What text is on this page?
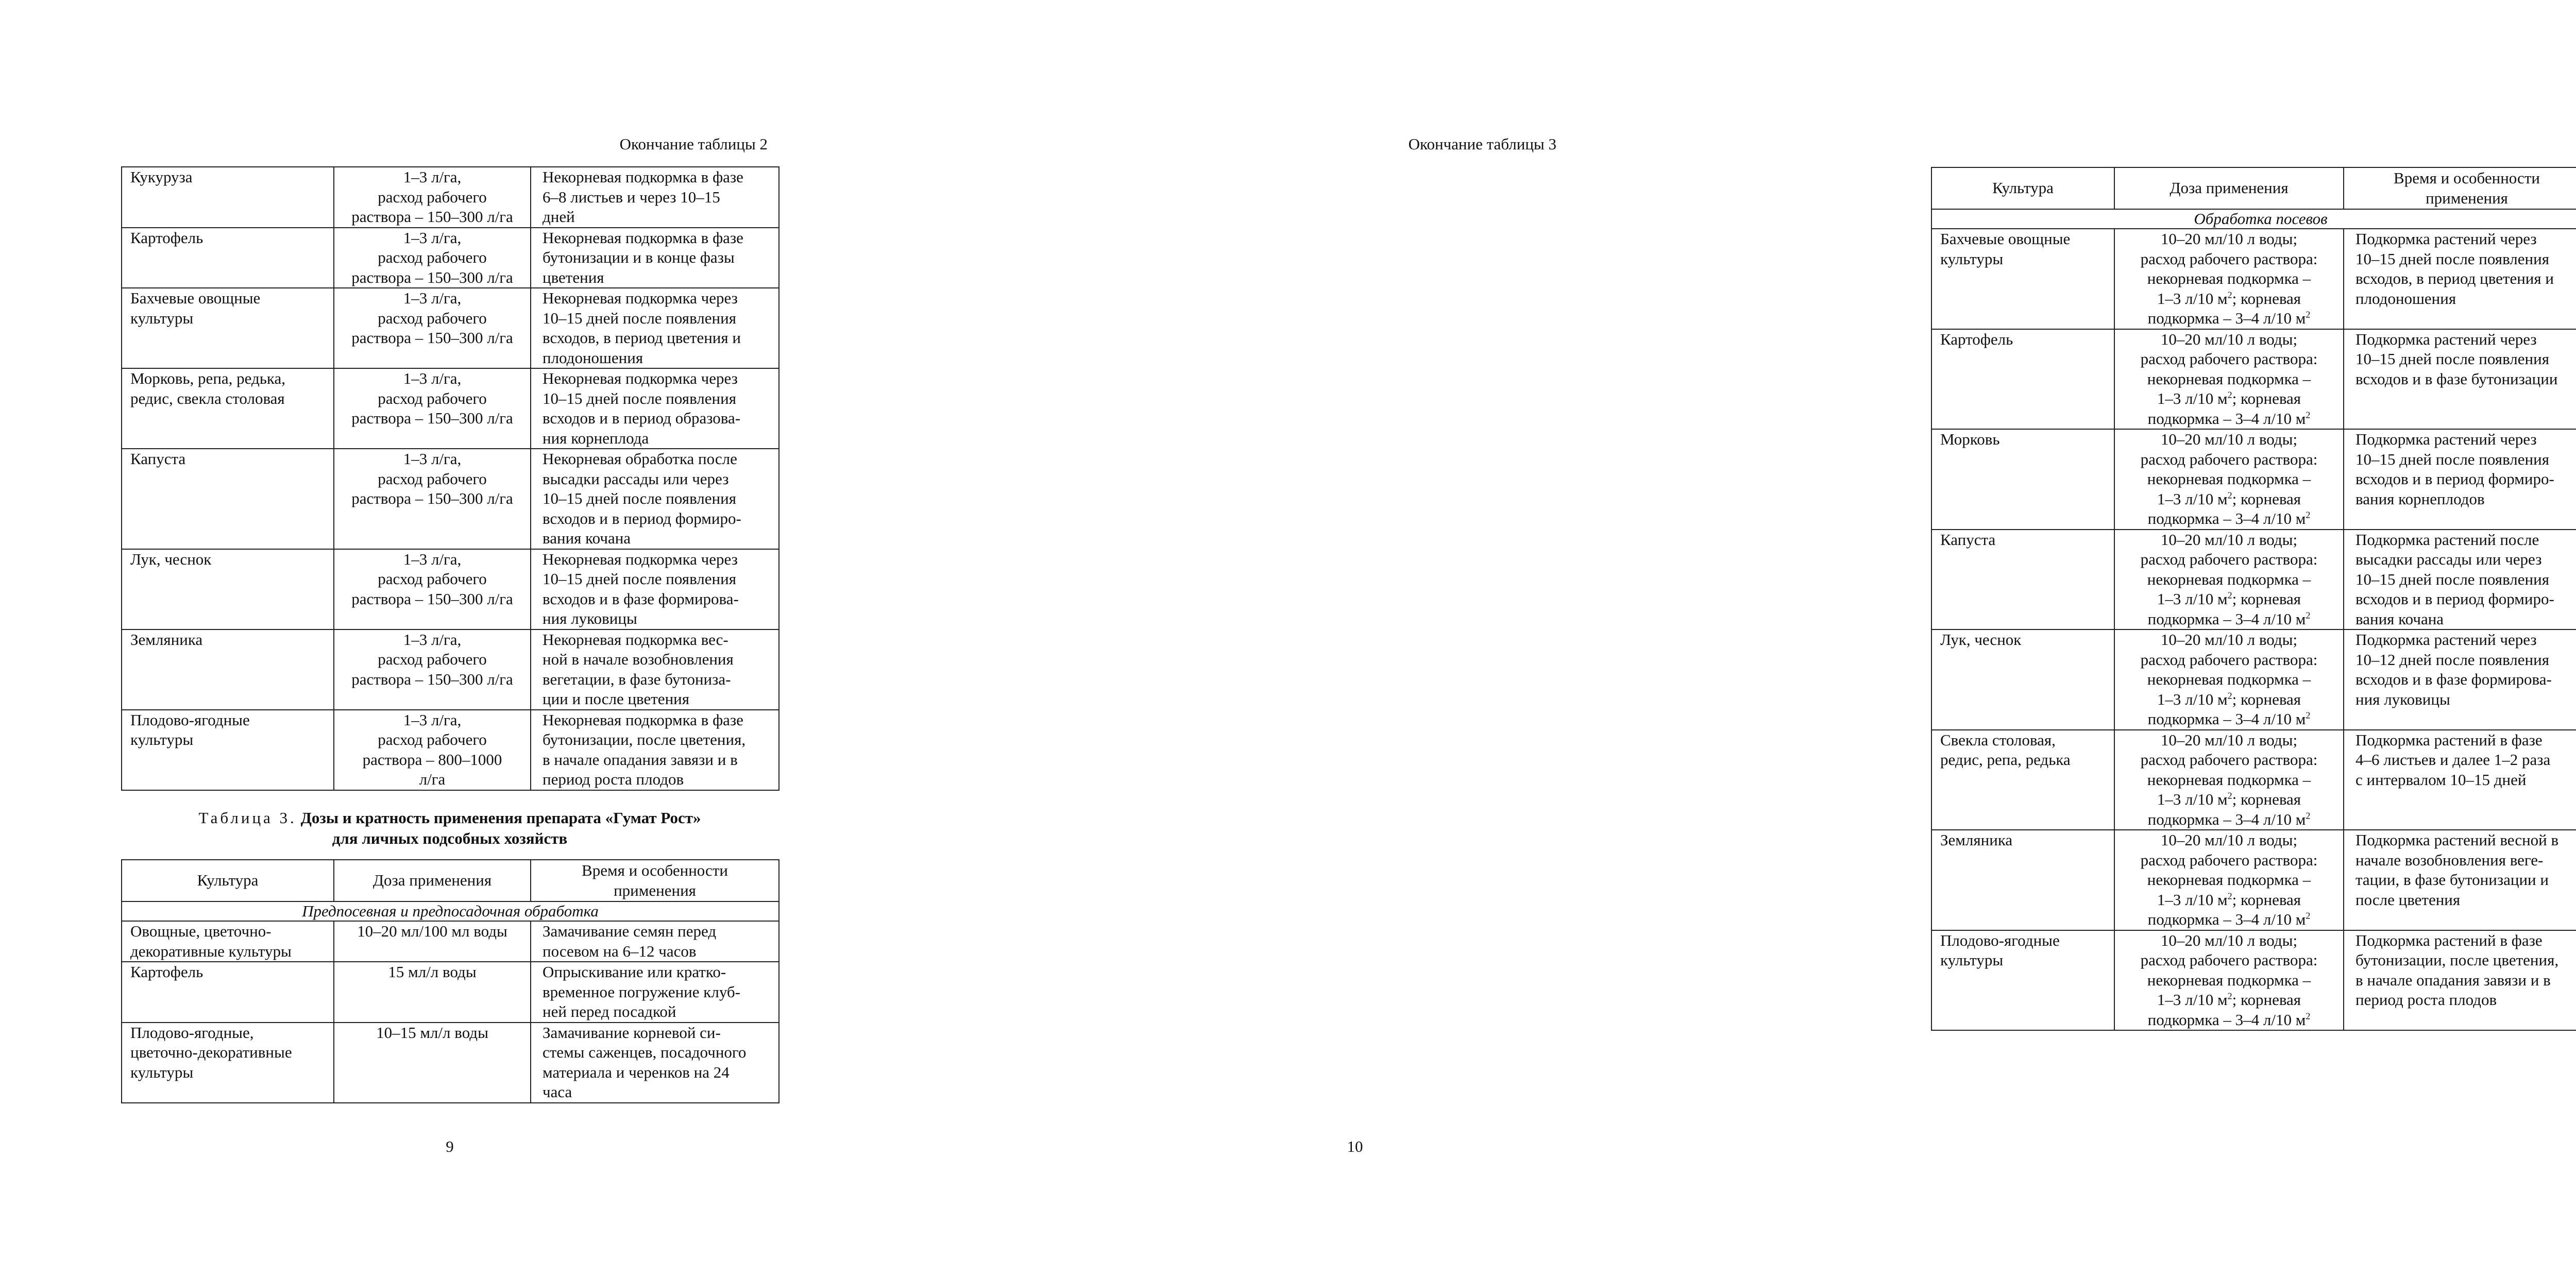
Окончание таблицы 2
Кукуруза	1–3 л/га,
расход рабочего
раствора – 150–300 л/га	Некорневая подкормка в фазе
6–8 листьев и через 10–15
дней
Картофель	1–3 л/га,
расход рабочего
раствора – 150–300 л/га	Некорневая подкормка в фазе
бутонизации и в конце фазы
цветения
Бахчевые овощные
культуры	1–3 л/га,
расход рабочего
раствора – 150–300 л/га	Некорневая подкормка через
10–15 дней после появления
всходов, в период цветения и
плодоношения
Морковь, репа, редька,
редис, свекла столовая	1–3 л/га,
расход рабочего
раствора – 150–300 л/га	Некорневая подкормка через
10–15 дней после появления
всходов и в период образова-
ния корнеплода
Капуста	1–3 л/га,
расход рабочего
раствора – 150–300 л/га	Некорневая обработка после
высадки рассады или через
10–15 дней после появления
всходов и в период формиро-
вания кочана
Лук, чеснок	1–3 л/га,
расход рабочего
раствора – 150–300 л/га	Некорневая подкормка через
10–15 дней после появления
всходов и в фазе формирова-
ния луковицы
Земляника	1–3 л/га,
расход рабочего
раствора – 150–300 л/га	Некорневая подкормка вес-
ной в начале возобновления
вегетации, в фазе бутониза-
ции и после цветения
Плодово-ягодные
культуры	1–3 л/га,
расход рабочего
раствора – 800–1000
л/га	Некорневая подкормка в фазе
бутонизации, после цветения,
в начале опадания завязи и в
период роста плодов
Таблица 3. Дозы и кратность применения препарата «Гумат Рост»
для личных подсобных хозяйств
Культура	Доза применения	Время и особенности
применения
Предпосевная и предпосадочная обработка		
Овощные, цветочно-
декоративные культуры	10–20 мл/100 мл воды	Замачивание семян перед
посевом на 6–12 часов
Картофель	15 мл/л воды	Опрыскивание или кратко-
временное погружение клуб-
ней перед посадкой
Плодово-ягодные,
цветочно-декоративные
культуры	10–15 мл/л воды	Замачивание корневой си-
стемы саженцев, посадочного
материала и черенков на 24
часа
9
Окончание таблицы 3
Культура	Доза применения	Время и особенности
применения
Обработка посевов		
Бахчевые овощные
культуры	10–20 мл/10 л воды;
расход рабочего раствора:
некорневая подкормка –
1–3 л/10 $м^2$; корневая
подкормка – 3–4 л/10 $м^2$	Подкормка растений через
10–15 дней после появления
всходов, в период цветения и
плодоношения
Картофель	10–20 мл/10 л воды;
расход рабочего раствора:
некорневая подкормка –
1–3 л/10 $м^2$; корневая
подкормка – 3–4 л/10 $м^2$	Подкормка растений через
10–15 дней после появления
всходов и в фазе бутонизации
Морковь	10–20 мл/10 л воды;
расход рабочего раствора:
некорневая подкормка –
1–3 л/10 $м^2$; корневая
подкормка – 3–4 л/10 $м^2$	Подкормка растений через
10–15 дней после появления
всходов и в период формиро-
вания корнеплодов
Капуста	10–20 мл/10 л воды;
расход рабочего раствора:
некорневая подкормка –
1–3 л/10 $м^2$; корневая
подкормка – 3–4 л/10 $м^2$	Подкормка растений после
высадки рассады или через
10–15 дней после появления
всходов и в период формиро-
вания кочана
Лук, чеснок	10–20 мл/10 л воды;
расход рабочего раствора:
некорневая подкормка –
1–3 л/10 $м^2$; корневая
подкормка – 3–4 л/10 $м^2$	Подкормка растений через
10–12 дней после появления
всходов и в фазе формирова-
ния луковицы
Свекла столовая,
редис, репа, редька	10–20 мл/10 л воды;
расход рабочего раствора:
некорневая подкормка –
1–3 л/10 $м^2$; корневая
подкормка – 3–4 л/10 $м^2$	Подкормка растений в фазе
4–6 листьев и далее 1–2 раза
с интервалом 10–15 дней
Земляника	10–20 мл/10 л воды;
расход рабочего раствора:
некорневая подкормка –
1–3 л/10 $м^2$; корневая
подкормка – 3–4 л/10 $м^2$	Подкормка растений весной в
начале возобновления веге-
тации, в фазе бутонизации и
после цветения
Плодово-ягодные
культуры	10–20 мл/10 л воды;
расход рабочего раствора:
некорневая подкормка –
1–3 л/10 $м^2$; корневая
подкормка – 3–4 л/10 $м^2$	Подкормка растений в фазе
бутонизации, после цветения,
в начале опадания завязи и в
период роста плодов
10
